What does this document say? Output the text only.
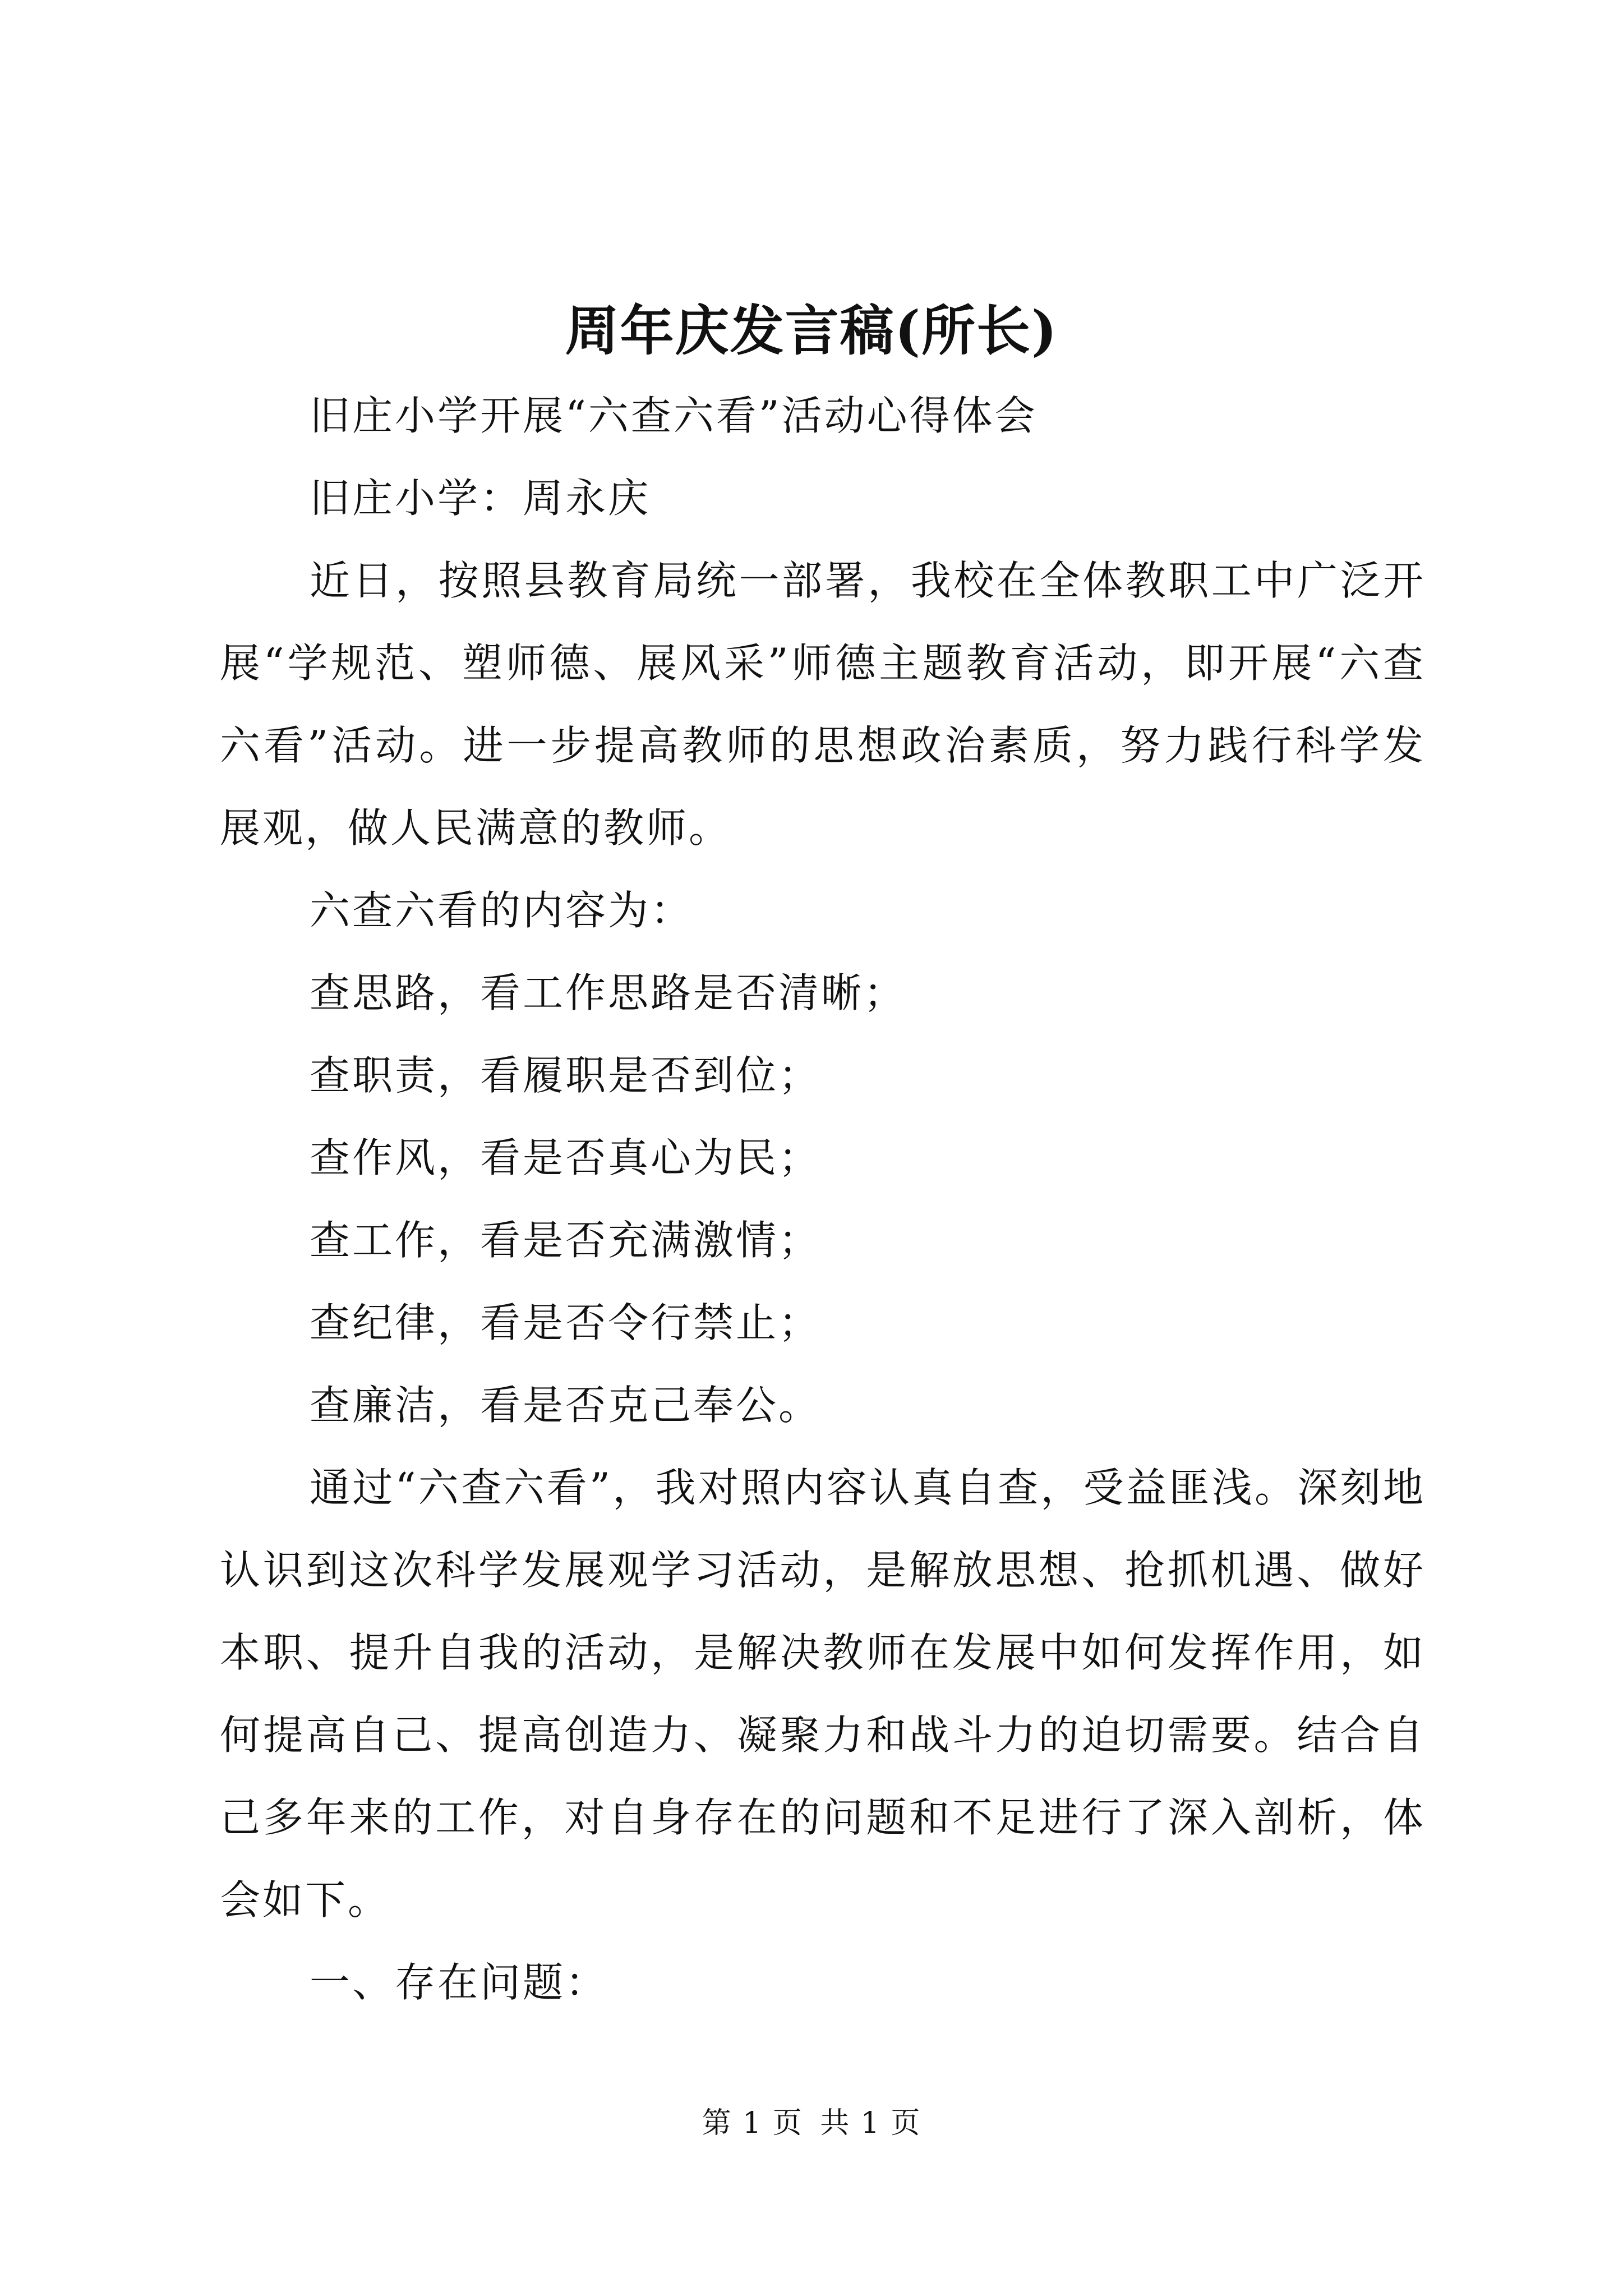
周年庆发言稿(所长)

旧庄小学开展“六查六看”活动心得体会

旧庄小学：周永庆

近日，按照县教育局统一部署，我校在全体教职工中广泛开展“学规范、塑师德、展风采”师德主题教育活动，即开展“六查六看”活动。进一步提高教师的思想政治素质，努力践行科学发展观，做人民满意的教师。

六查六看的内容为：

查思路，看工作思路是否清晰；

查职责，看履职是否到位；

查作风，看是否真心为民；

查工作，看是否充满激情；

查纪律，看是否令行禁止；

查廉洁，看是否克己奉公。

通过“六查六看”，我对照内容认真自查，受益匪浅。深刻地认识到这次科学发展观学习活动，是解放思想、抢抓机遇、做好本职、提升自我的活动，是解决教师在发展中如何发挥作用，如何提高自己、提高创造力、凝聚力和战斗力的迫切需要。结合自己多年来的工作，对自身存在的问题和不足进行了深入剖析，体会如下。

一、存在问题：

第 1 页 共 1 页
